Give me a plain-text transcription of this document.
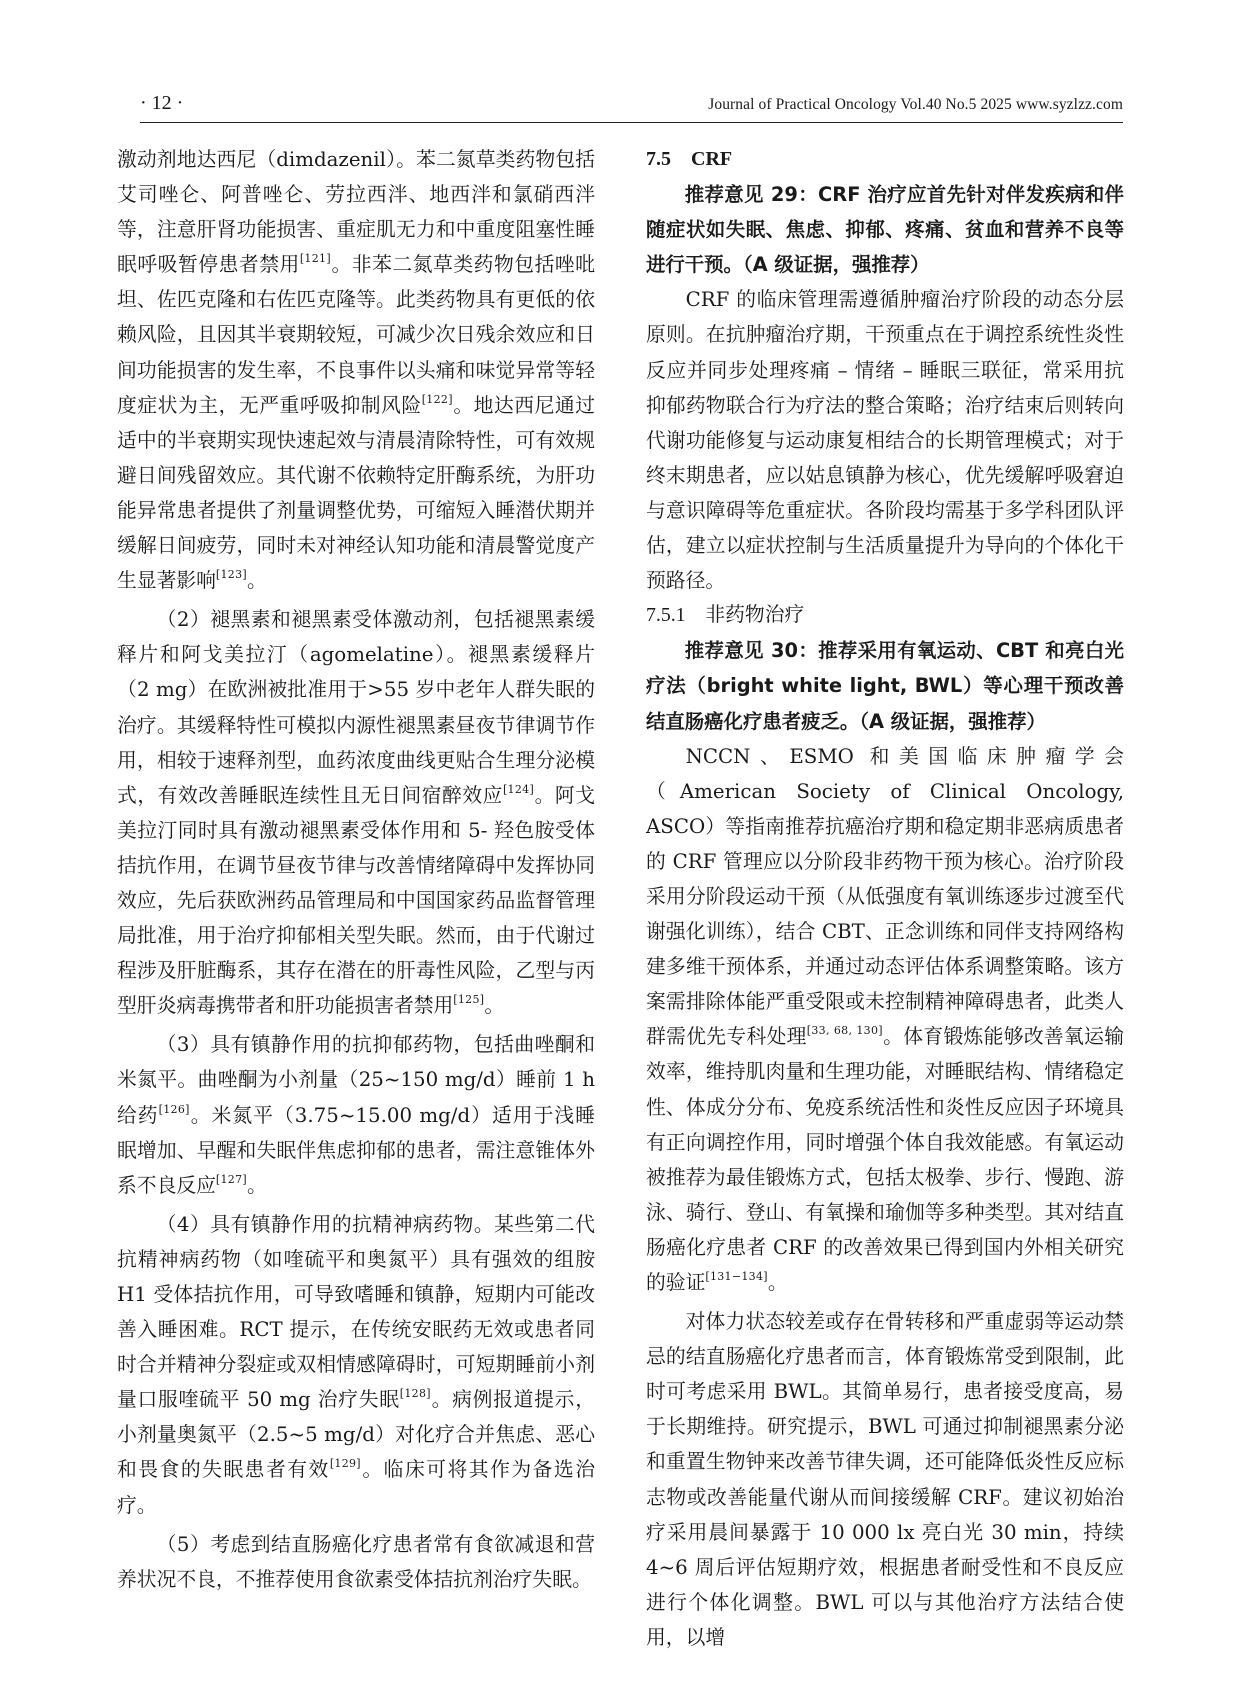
· 12 ·	Journal of Practical Oncology Vol.40 No.5 2025 www.syzlzz.com

激动剂地达西尼（dimdazenil）。苯二氮草类药物包括艾司唑仑、阿普唑仑、劳拉西泮、地西泮和氯硝西泮等，注意肝肾功能损害、重症肌无力和中重度阻塞性睡眠呼吸暂停患者禁用[121]。非苯二氮草类药物包括唑吡坦、佐匹克隆和右佐匹克隆等。此类药物具有更低的依赖风险，且因其半衰期较短，可减少次日残余效应和日间功能损害的发生率，不良事件以头痛和味觉异常等轻度症状为主，无严重呼吸抑制风险[122]。地达西尼通过适中的半衰期实现快速起效与清晨清除特性，可有效规避日间残留效应。其代谢不依赖特定肝酶系统，为肝功能异常患者提供了剂量调整优势，可缩短入睡潜伏期并缓解日间疲劳，同时未对神经认知功能和清晨警觉度产生显著影响[123]。

（2）褪黑素和褪黑素受体激动剂，包括褪黑素缓释片和阿戈美拉汀（agomelatine）。褪黑素缓释片（2 mg）在欧洲被批准用于>55 岁中老年人群失眠的治疗。其缓释特性可模拟内源性褪黑素昼夜节律调节作用，相较于速释剂型，血药浓度曲线更贴合生理分泌模式，有效改善睡眠连续性且无日间宿醉效应[124]。阿戈美拉汀同时具有激动褪黑素受体作用和 5- 羟色胺受体拮抗作用，在调节昼夜节律与改善情绪障碍中发挥协同效应，先后获欧洲药品管理局和中国国家药品监督管理局批准，用于治疗抑郁相关型失眠。然而，由于代谢过程涉及肝脏酶系，其存在潜在的肝毒性风险，乙型与丙型肝炎病毒携带者和肝功能损害者禁用[125]。

（3）具有镇静作用的抗抑郁药物，包括曲唑酮和米氮平。曲唑酮为小剂量（25~150 mg/d）睡前 1 h 给药[126]。米氮平（3.75~15.00 mg/d）适用于浅睡眠增加、早醒和失眠伴焦虑抑郁的患者，需注意锥体外系不良反应[127]。

（4）具有镇静作用的抗精神病药物。某些第二代抗精神病药物（如喹硫平和奥氮平）具有强效的组胺 H1 受体拮抗作用，可导致嗜睡和镇静，短期内可能改善入睡困难。RCT 提示，在传统安眠药无效或患者同时合并精神分裂症或双相情感障碍时，可短期睡前小剂量口服喹硫平 50 mg 治疗失眠[128]。病例报道提示，小剂量奥氮平（2.5~5 mg/d）对化疗合并焦虑、恶心和畏食的失眠患者有效[129]。临床可将其作为备选治疗。

（5）考虑到结直肠癌化疗患者常有食欲减退和营养状况不良，不推荐使用食欲素受体拮抗剂治疗失眠。

7.5　CRF

推荐意见 29：CRF 治疗应首先针对伴发疾病和伴随症状如失眠、焦虑、抑郁、疼痛、贫血和营养不良等进行干预。（A 级证据，强推荐）

CRF 的临床管理需遵循肿瘤治疗阶段的动态分层原则。在抗肿瘤治疗期，干预重点在于调控系统性炎性反应并同步处理疼痛 – 情绪 – 睡眠三联征，常采用抗抑郁药物联合行为疗法的整合策略；治疗结束后则转向代谢功能修复与运动康复相结合的长期管理模式；对于终末期患者，应以姑息镇静为核心，优先缓解呼吸窘迫与意识障碍等危重症状。各阶段均需基于多学科团队评估，建立以症状控制与生活质量提升为导向的个体化干预路径。

7.5.1　非药物治疗

推荐意见 30：推荐采用有氧运动、CBT 和亮白光疗法（bright white light, BWL）等心理干预改善结直肠癌化疗患者疲乏。（A 级证据，强推荐）

NCCN、ESMO 和美国临床肿瘤学会（American Society of Clinical Oncology, ASCO）等指南推荐抗癌治疗期和稳定期非恶病质患者的 CRF 管理应以分阶段非药物干预为核心。治疗阶段采用分阶段运动干预（从低强度有氧训练逐步过渡至代谢强化训练），结合 CBT、正念训练和同伴支持网络构建多维干预体系，并通过动态评估体系调整策略。该方案需排除体能严重受限或未控制精神障碍患者，此类人群需优先专科处理[33, 68, 130]。体育锻炼能够改善氧运输效率，维持肌肉量和生理功能，对睡眠结构、情绪稳定性、体成分分布、免疫系统活性和炎性反应因子环境具有正向调控作用，同时增强个体自我效能感。有氧运动被推荐为最佳锻炼方式，包括太极拳、步行、慢跑、游泳、骑行、登山、有氧操和瑜伽等多种类型。其对结直肠癌化疗患者 CRF 的改善效果已得到国内外相关研究的验证[131−134]。

对体力状态较差或存在骨转移和严重虚弱等运动禁忌的结直肠癌化疗患者而言，体育锻炼常受到限制，此时可考虑采用 BWL。其简单易行，患者接受度高，易于长期维持。研究提示，BWL 可通过抑制褪黑素分泌和重置生物钟来改善节律失调，还可能降低炎性反应标志物或改善能量代谢从而间接缓解 CRF。建议初始治疗采用晨间暴露于 10 000 lx 亮白光 30 min，持续 4~6 周后评估短期疗效，根据患者耐受性和不良反应进行个体化调整。BWL 可以与其他治疗方法结合使用，以增
